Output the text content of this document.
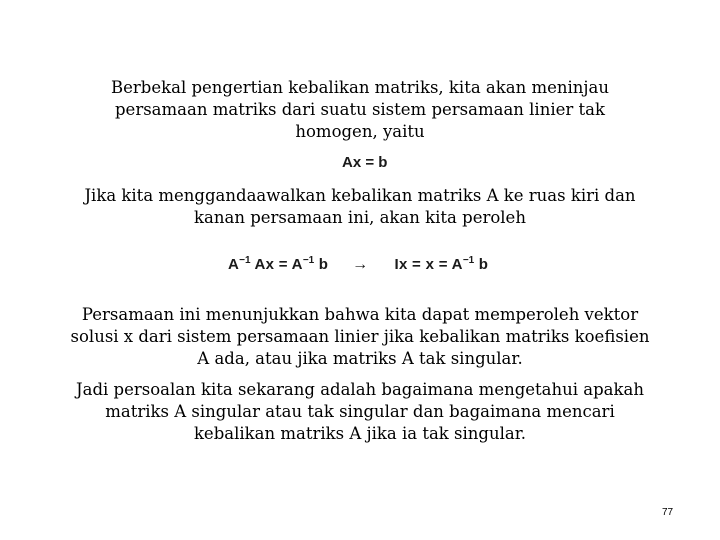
Berbekal pengertian kebalikan matriks, kita akan meninjau
persamaan matriks dari suatu sistem persamaan linier tak
homogen, yaitu
Ax = b
Jika kita menggandaawalkan kebalikan matriks A ke ruas kiri dan
kanan persamaan ini, akan kita peroleh
$A^{-1}$ $Ax = A^{-1}$ $b \to Ix = x = A^{-1}$ b
Persamaan ini menunjukkan bahwa kita dapat memperoleh vektor
solusi x dari sistem persamaan linier jika kebalikan matriks koefisien
A ada, atau jika matriks A tak singular.
Jadi persoalan kita sekarang adalah bagaimana mengetahui apakah
matriks A singular atau tak singular dan bagaimana mencari
kebalikan matriks A jika ia tak singular.
77
